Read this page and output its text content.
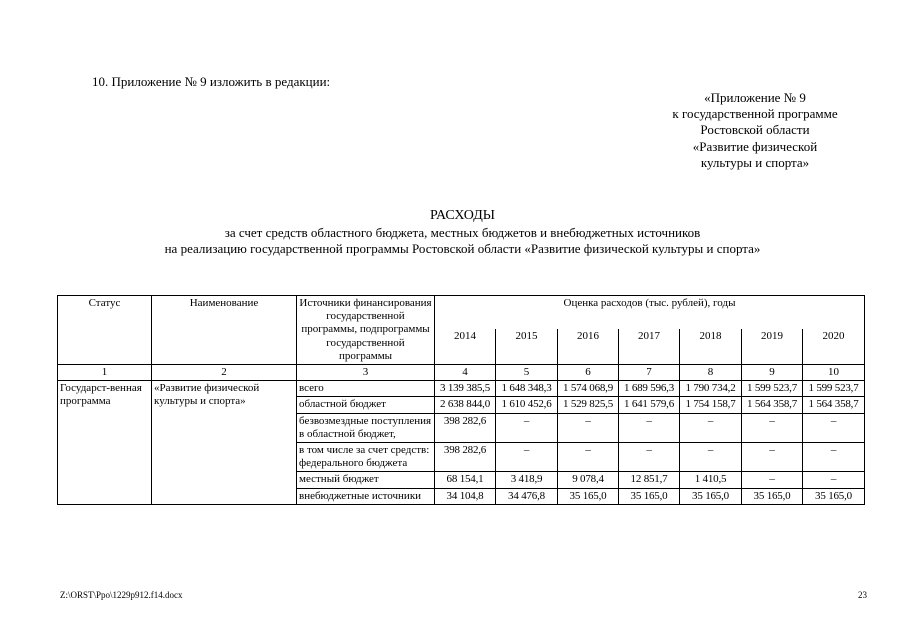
10. Приложение № 9 изложить в редакции:
«Приложение № 9
к государственной программе
Ростовской области
«Развитие физической
культуры и спорта»
РАСХОДЫ
за счет средств областного бюджета, местных бюджетов и внебюджетных источников
на реализацию государственной программы Ростовской области «Развитие физической культуры и спорта»
Статус	Наименование	Источники финансирования государственной программы, подпрограммы государственной программы	Оценка расходов (тыс. рублей), годы						
			2014	2015	2016	2017	2018	2019	2020
1	2	3	4	5	6	7	8	9	10
Государст-венная программа	«Развитие физической культуры и спорта»	всего	3 139 385,5	1 648 348,3	1 574 068,9	1 689 596,3	1 790 734,2	1 599 523,7	1 599 523,7
		областной бюджет	2 638 844,0	1 610 452,6	1 529 825,5	1 641 579,6	1 754 158,7	1 564 358,7	1 564 358,7
		безвозмездные поступления в областной бюджет,	398 282,6	–	–	–	–	–	–
		в том числе за счет средств: федерального бюджета	398 282,6	–	–	–	–	–	–
		местный бюджет	68 154,1	3 418,9	9 078,4	12 851,7	1 410,5	–	–
		внебюджетные источники	34 104,8	34 476,8	35 165,0	35 165,0	35 165,0	35 165,0	35 165,0
Z:\ORST\Ppo\1229p912.f14.docx	23
